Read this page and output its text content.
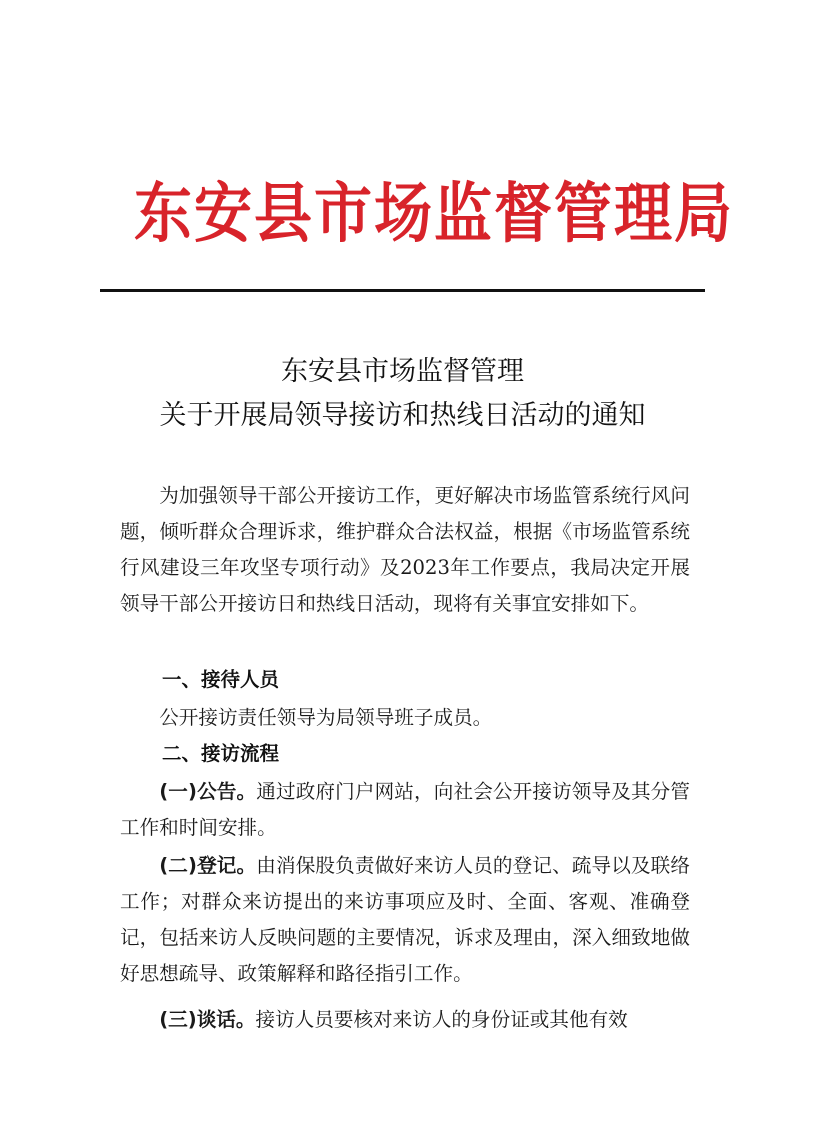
东安县市场监督管理局
东安县市场监督管理
关于开展局领导接访和热线日活动的通知

为加强领导干部公开接访工作，更好解决市场监管系统行风问题，倾听群众合理诉求，维护群众合法权益，根据《市场监管系统行风建设三年攻坚专项行动》及2023年工作要点，我局决定开展领导干部公开接访日和热线日活动，现将有关事宜安排如下。

一、接待人员

公开接访责任领导为局领导班子成员。

二、接访流程

(一)公告。通过政府门户网站，向社会公开接访领导及其分管工作和时间安排。

(二)登记。由消保股负责做好来访人员的登记、疏导以及联络工作；对群众来访提出的来访事项应及时、全面、客观、准确登记，包括来访人反映问题的主要情况，诉求及理由，深入细致地做好思想疏导、政策解释和路径指引工作。

(三)谈话。接访人员要核对来访人的身份证或其他有效
